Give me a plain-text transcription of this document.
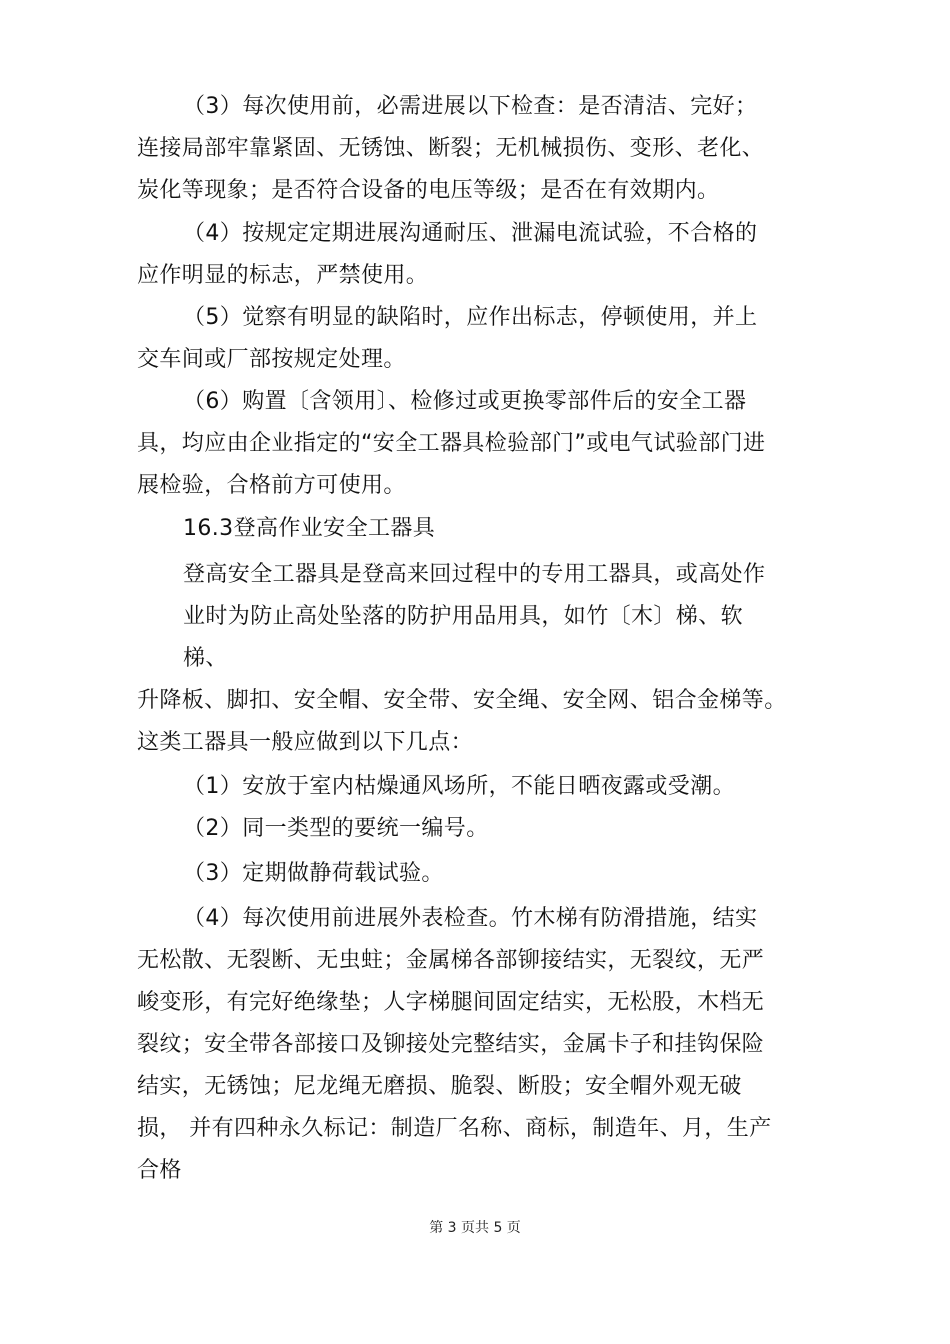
（3）每次使用前，必需进展以下检查：是否清洁、完好；
连接局部牢靠紧固、无锈蚀、断裂；无机械损伤、变形、老化、
炭化等现象；是否符合设备的电压等级；是否在有效期内。
（4）按规定定期进展沟通耐压、泄漏电流试验，不合格的
应作明显的标志，严禁使用。
（5）觉察有明显的缺陷时，应作出标志，停顿使用，并上
交车间或厂部按规定处理。
（6）购置〔含领用〕、检修过或更换零部件后的安全工器
具，均应由企业指定的“安全工器具检验部门”或电气试验部门进
展检验，合格前方可使用。
16.3登高作业安全工器具
登高安全工器具是登高来回过程中的专用工器具，或高处作
业时为防止高处坠落的防护用品用具，如竹〔木〕梯、软
梯、
升降板、脚扣、安全帽、安全带、安全绳、安全网、铝合金梯等。
这类工器具一般应做到以下几点：
（1）安放于室内枯燥通风场所，不能日晒夜露或受潮。
（2）同一类型的要统一编号。
（3）定期做静荷载试验。
（4）每次使用前进展外表检查。竹木梯有防滑措施，结实
无松散、无裂断、无虫蛀；金属梯各部铆接结实，无裂纹，无严
峻变形，有完好绝缘垫；人字梯腿间固定结实，无松股，木档无
裂纹；安全带各部接口及铆接处完整结实，金属卡子和挂钩保险
结实，无锈蚀；尼龙绳无磨损、脆裂、断股；安全帽外观无破
损， 并有四种永久标记：制造厂名称、商标，制造年、月，生产
合格
第 3 页共 5 页
